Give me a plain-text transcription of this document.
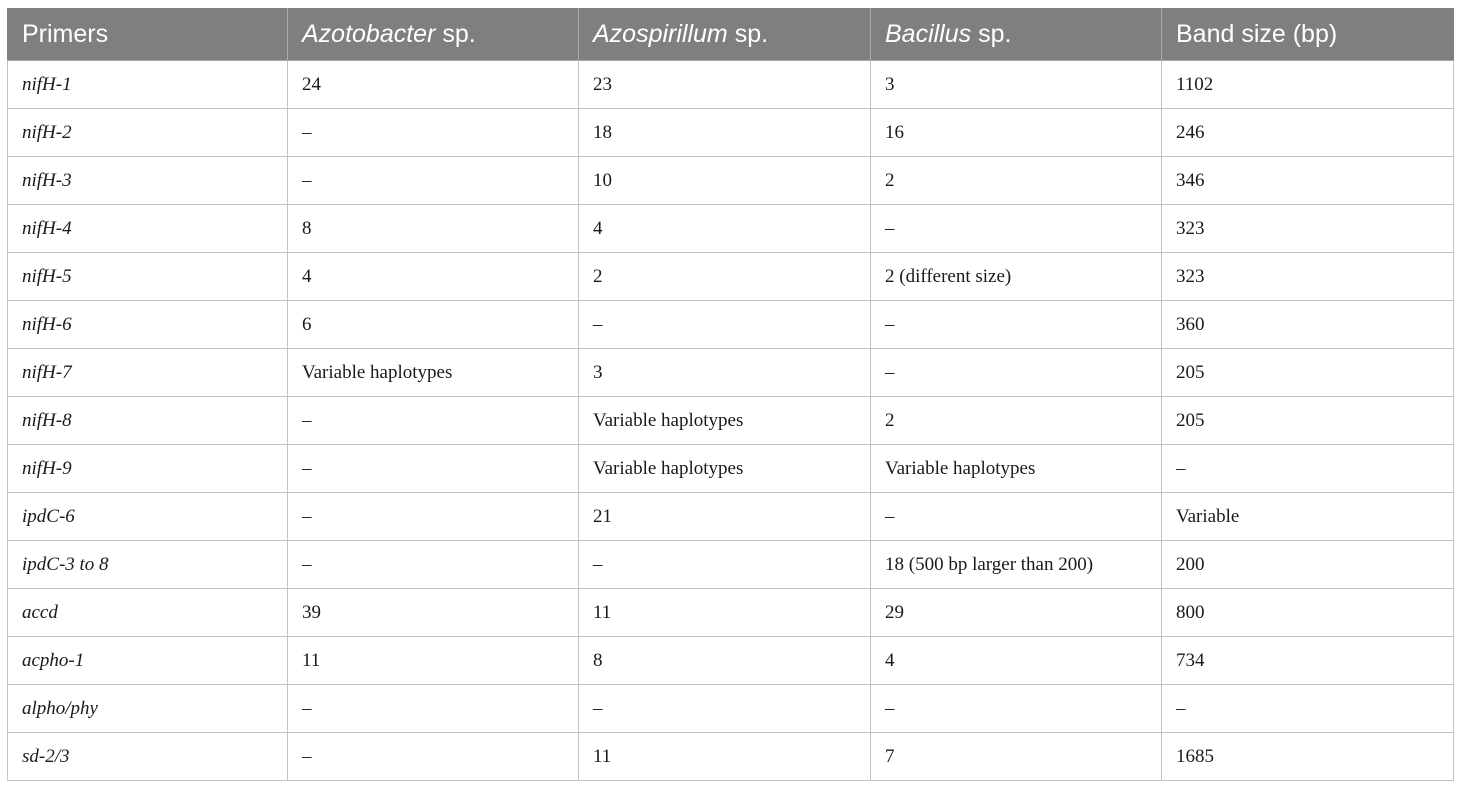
Primers	Azotobacter sp.	Azospirillum sp.	Bacillus sp.	Band size (bp)
nifH-1	24	23	3	1102
nifH-2	–	18	16	246
nifH-3	–	10	2	346
nifH-4	8	4	–	323
nifH-5	4	2	2 (different size)	323
nifH-6	6	–	–	360
nifH-7	Variable haplotypes	3	–	205
nifH-8	–	Variable haplotypes	2	205
nifH-9	–	Variable haplotypes	Variable haplotypes	–
ipdC-6	–	21	–	Variable
ipdC-3 to 8	–	–	18 (500 bp larger than 200)	200
accd	39	11	29	800
acpho-1	11	8	4	734
alpho/phy	–	–	–	–
sd-2/3	–	11	7	1685
